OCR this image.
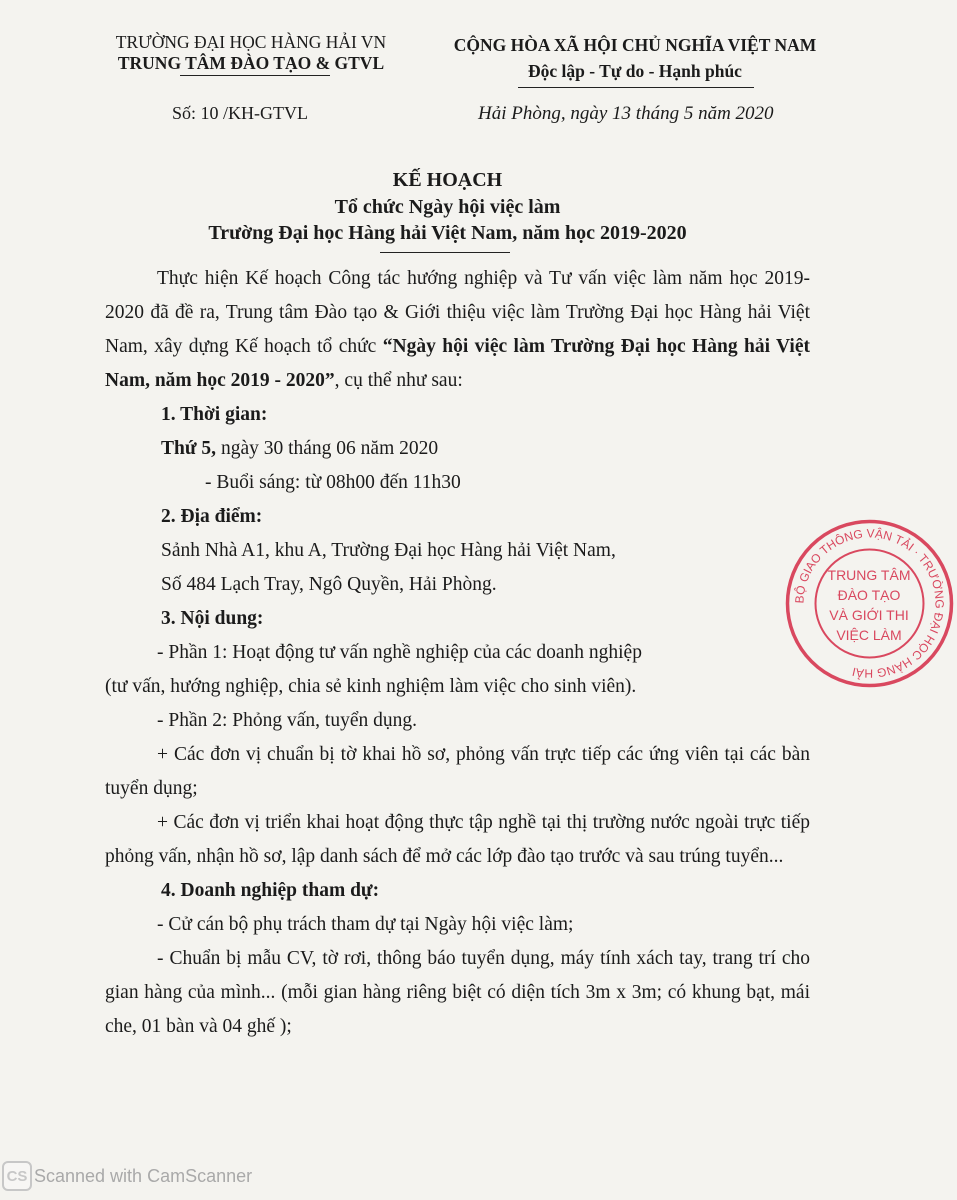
TRƯỜNG ĐẠI HỌC HÀNG HẢI VN
TRUNG TÂM ĐÀO TẠO & GTVL
CỘNG HÒA XÃ HỘI CHỦ NGHĨA VIỆT NAM
Độc lập - Tự do - Hạnh phúc
Số: 10 /KH-GTVL	Hải Phòng, ngày 13 tháng 5 năm 2020
KẾ HOẠCH
Tổ chức Ngày hội việc làm
Trường Đại học Hàng hải Việt Nam, năm học 2019-2020

Thực hiện Kế hoạch Công tác hướng nghiệp và Tư vấn việc làm năm học 2019-2020 đã đề ra, Trung tâm Đào tạo & Giới thiệu việc làm Trường Đại học Hàng hải Việt Nam, xây dựng Kế hoạch tổ chức “Ngày hội việc làm Trường Đại học Hàng hải Việt Nam, năm học 2019 - 2020”, cụ thể như sau:

1. Thời gian:

Thứ 5, ngày 30 tháng 06 năm 2020

- Buổi sáng: từ 08h00 đến 11h30

2. Địa điểm:

Sảnh Nhà A1, khu A, Trường Đại học Hàng hải Việt Nam,

Số 484 Lạch Tray, Ngô Quyền, Hải Phòng.

3. Nội dung:

- Phần 1: Hoạt động tư vấn nghề nghiệp của các doanh nghiệp

(tư vấn, hướng nghiệp, chia sẻ kinh nghiệm làm việc cho sinh viên).

- Phần 2: Phỏng vấn, tuyển dụng.

+ Các đơn vị chuẩn bị tờ khai hồ sơ, phỏng vấn trực tiếp các ứng viên tại các bàn tuyển dụng;

+ Các đơn vị triển khai hoạt động thực tập nghề tại thị trường nước ngoài trực tiếp phỏng vấn, nhận hồ sơ, lập danh sách để mở các lớp đào tạo trước và sau trúng tuyển...

4. Doanh nghiệp tham dự:

- Cử cán bộ phụ trách tham dự tại Ngày hội việc làm;

- Chuẩn bị mẫu CV, tờ rơi, thông báo tuyển dụng, máy tính xách tay, trang trí cho gian hàng của mình... (mỗi gian hàng riêng biệt có diện tích 3m x 3m; có khung bạt, mái che, 01 bàn và 04 ghế );

BỘ GIAO THÔNG VẬN TẢI · TRƯỜNG ĐẠI HỌC HÀNG HẢI
TRUNG TÂM
ĐÀO TẠO
VÀ GIỚI THI
VIỆC LÀM
CS Scanned with CamScanner
